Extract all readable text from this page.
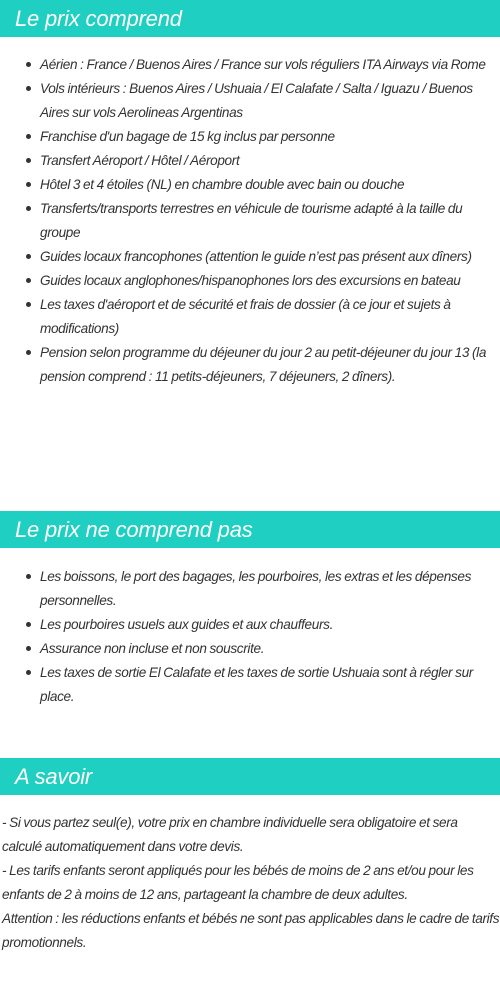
Le prix comprend
Aérien : France / Buenos Aires / France sur vols réguliers ITA Airways via Rome
Vols intérieurs : Buenos Aires / Ushuaia / El Calafate / Salta / Iguazu / Buenos Aires sur vols Aerolineas Argentinas
Franchise d'un bagage de 15 kg inclus par personne
Transfert Aéroport / Hôtel / Aéroport
Hôtel 3 et 4 étoiles (NL) en chambre double avec bain ou douche
Transferts/transports terrestres en véhicule de tourisme adapté à la taille du groupe
Guides locaux francophones (attention le guide n’est pas présent aux dîners)
Guides locaux anglophones/hispanophones lors des excursions en bateau
Les taxes d'aéroport et de sécurité et frais de dossier (à ce jour et sujets à modifications)
Pension selon programme du déjeuner du jour 2 au petit-déjeuner du jour 13 (la pension comprend : 11 petits-déjeuners, 7 déjeuners, 2 dîners).
Le prix ne comprend pas
Les boissons, le port des bagages, les pourboires, les extras et les dépenses personnelles.
Les pourboires usuels aux guides et aux chauffeurs.
Assurance non incluse et non souscrite.
Les taxes de sortie El Calafate et les taxes de sortie Ushuaia sont à régler sur place.
A savoir

- Si vous partez seul(e), votre prix en chambre individuelle sera obligatoire et sera calculé automatiquement dans votre devis.

- Les tarifs enfants seront appliqués pour les bébés de moins de 2 ans et/ou pour les enfants de 2 à moins de 12 ans, partageant la chambre de deux adultes.

Attention : les réductions enfants et bébés ne sont pas applicables dans le cadre de tarifs promotionnels.
